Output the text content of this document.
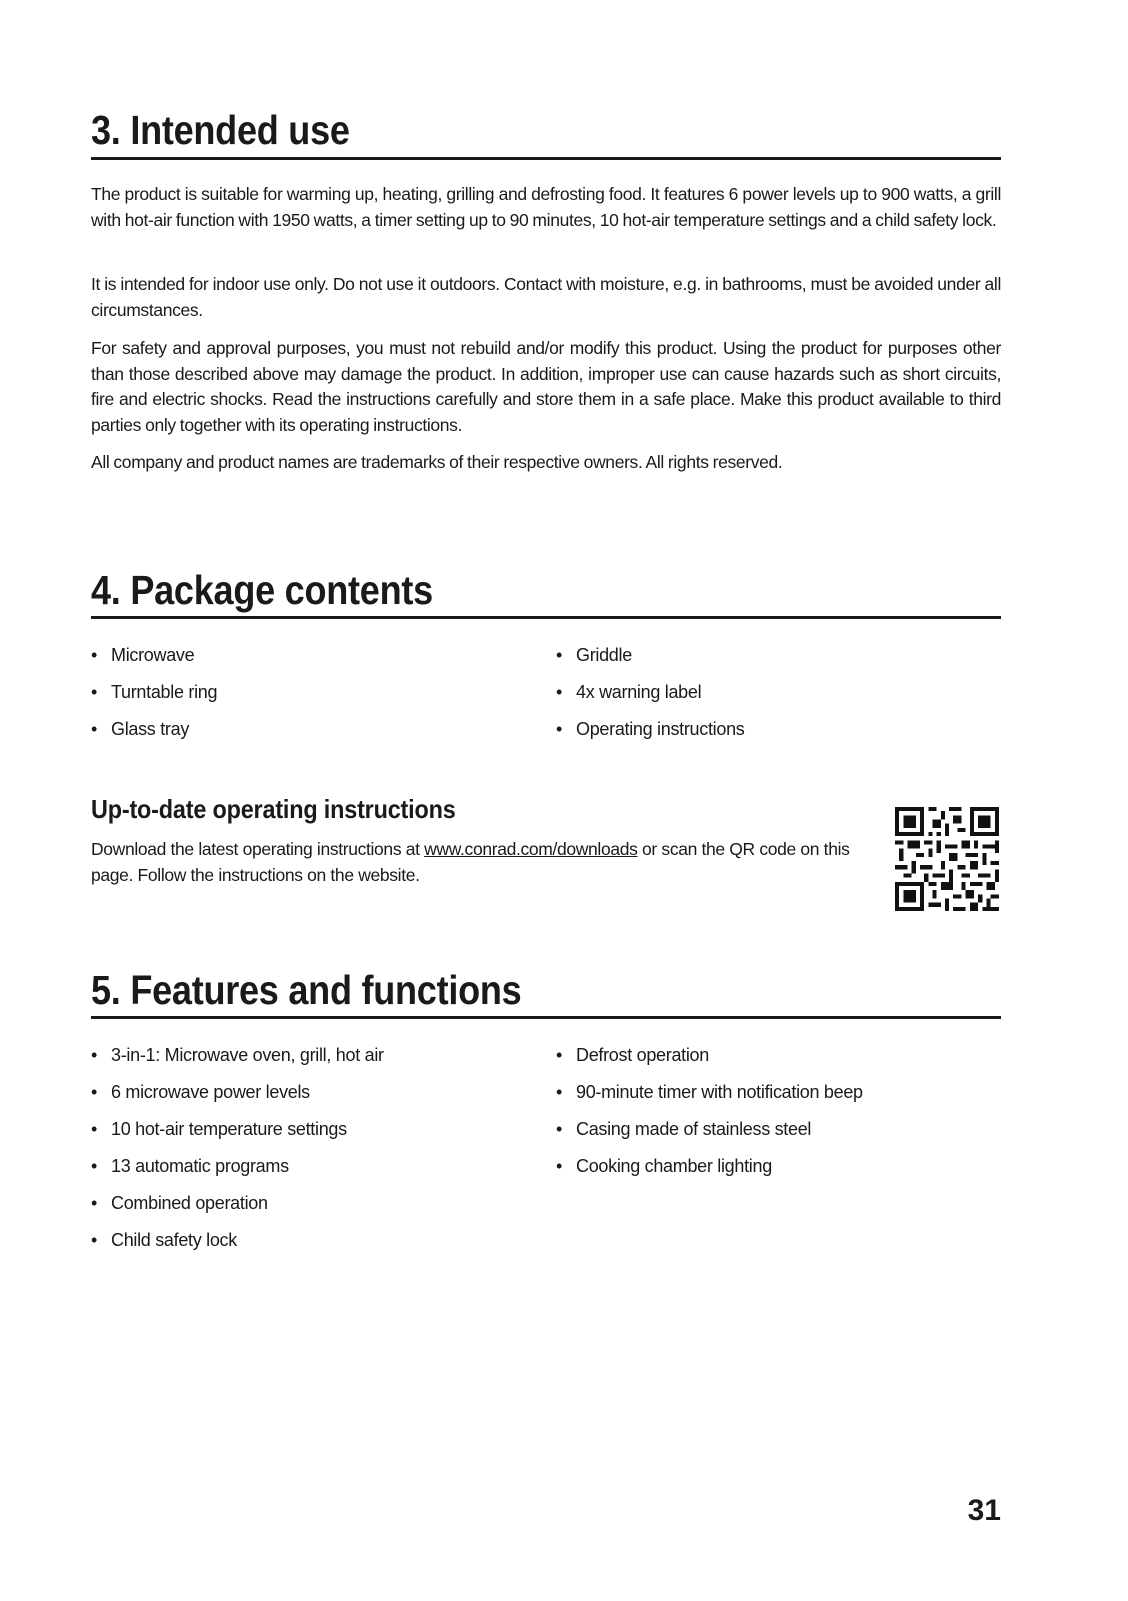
3. Intended use

The product is suitable for warming up, heating, grilling and defrosting food. It features 6 power levels up to 900 watts, a grill with hot-air function with 1950 watts, a timer setting up to 90 minutes, 10 hot-air temperature settings and a child safety lock.

It is intended for indoor use only. Do not use it outdoors. Contact with moisture, e.g. in bathrooms, must be avoided under all circumstances.

For safety and approval purposes, you must not rebuild and/or modify this product. Using the product for purposes other than those described above may damage the product. In addition, improper use can cause hazards such as short circuits, fire and electric shocks. Read the instructions carefully and store them in a safe place. Make this product available to third parties only together with its operating instructions.

All company and product names are trademarks of their respective owners. All rights reserved.

4. Package contents
• Microwave
• Turntable ring
• Glass tray
• Griddle
• 4x warning label
• Operating instructions
Up-to-date operating instructions

Download the latest operating instructions at www.conrad.com/downloads or scan the QR code on this page. Follow the instructions on the website.

5. Features and functions
• 3-in-1: Microwave oven, grill, hot air
• 6 microwave power levels
• 10 hot-air temperature settings
• 13 automatic programs
• Combined operation
• Child safety lock
• Defrost operation
• 90-minute timer with notification beep
• Casing made of stainless steel
• Cooking chamber lighting
31
